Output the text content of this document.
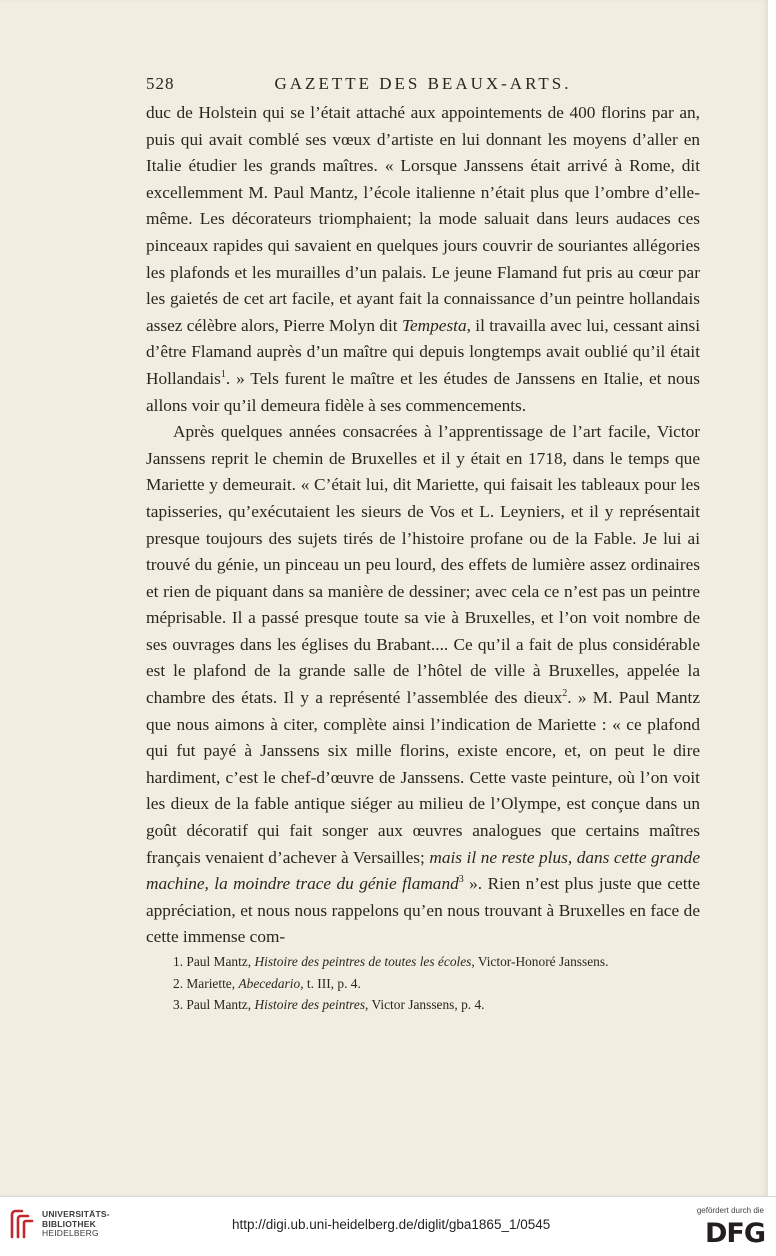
528	GAZETTE DES BEAUX-ARTS.

duc de Holstein qui se l’était attaché aux appointements de 400 florins par an, puis qui avait comblé ses vœux d’artiste en lui donnant les moyens d’aller en Italie étudier les grands maîtres. « Lorsque Janssens était arrivé à Rome, dit excellemment M. Paul Mantz, l’école italienne n’était plus que l’ombre d’elle-même. Les décorateurs triomphaient; la mode saluait dans leurs audaces ces pinceaux rapides qui savaient en quelques jours couvrir de souriantes allégories les plafonds et les murailles d’un palais. Le jeune Flamand fut pris au cœur par les gaietés de cet art facile, et ayant fait la connaissance d’un peintre hollandais assez célèbre alors, Pierre Molyn dit Tempesta, il travailla avec lui, cessant ainsi d’être Flamand auprès d’un maître qui depuis longtemps avait oublié qu’il était Hollandais$^1$. » Tels furent le maître et les études de Janssens en Italie, et nous allons voir qu’il demeura fidèle à ses commencements.

Après quelques années consacrées à l’apprentissage de l’art facile, Victor Janssens reprit le chemin de Bruxelles et il y était en 1718, dans le temps que Mariette y demeurait. « C’était lui, dit Mariette, qui faisait les tableaux pour les tapisseries, qu’exécutaient les sieurs de Vos et L. Leyniers, et il y représentait presque toujours des sujets tirés de l’histoire profane ou de la Fable. Je lui ai trouvé du génie, un pinceau un peu lourd, des effets de lumière assez ordinaires et rien de piquant dans sa manière de dessiner; avec cela ce n’est pas un peintre méprisable. Il a passé presque toute sa vie à Bruxelles, et l’on voit nombre de ses ouvrages dans les églises du Brabant.... Ce qu’il a fait de plus considérable est le plafond de la grande salle de l’hôtel de ville à Bruxelles, appelée la chambre des états. Il y a représenté l’assemblée des dieux$^2$. » M. Paul Mantz que nous aimons à citer, complète ainsi l’indication de Mariette : « ce plafond qui fut payé à Janssens six mille florins, existe encore, et, on peut le dire hardiment, c’est le chef-d’œuvre de Janssens. Cette vaste peinture, où l’on voit les dieux de la fable antique siéger au milieu de l’Olympe, est conçue dans un goût décoratif qui fait songer aux œuvres analogues que certains maîtres français venaient d’achever à Versailles; mais il ne reste plus, dans cette grande machine, la moindre trace du génie flamand$^3$ ». Rien n’est plus juste que cette appréciation, et nous nous rappelons qu’en nous trouvant à Bruxelles en face de cette immense com-

1. Paul Mantz, Histoire des peintres de toutes les écoles, Victor-Honoré Janssens.

2. Mariette, Abecedario, t. III, p. 4.

3. Paul Mantz, Histoire des peintres, Victor Janssens, p. 4.

UNIVERSITÄTS-
BIBLIOTHEK
HEIDELBERG
http://digi.ub.uni-heidelberg.de/diglit/gba1865_1/0545
gefördert durch die
DFG
